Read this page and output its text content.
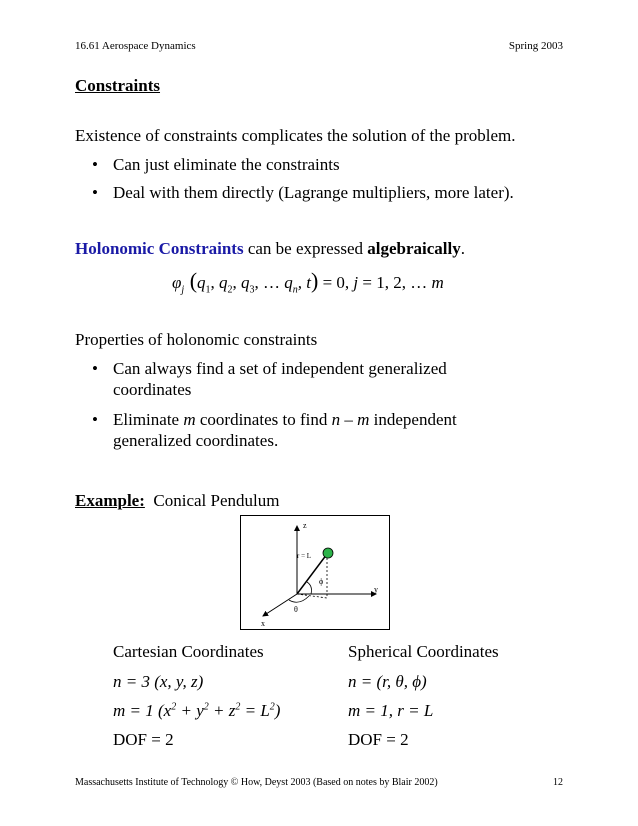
16.61 Aerospace Dynamics	Spring 2003
Constraints
Existence of constraints complicates the solution of the problem.
• Can just eliminate the constraints
• Deal with them directly (Lagrange multipliers, more later).
Holonomic Constraints can be expressed algebraically.
$\varphi_j$ ($q_1$, $q_2$, $q_3$, … $q_n$, t) = 0, j = 1, 2, … m
Properties of holonomic constraints
• Can always find a set of independent generalized
coordinates
• Eliminate m coordinates to find n – m independent
generalized coordinates.
Example:  Conical Pendulum
z
y
x
r = L
ϕ
θ
Cartesian Coordinates
n = 3 (x, y, z)
m = 1 $(x^2 + y^2 + z^2 = L^2)$
DOF = 2
Spherical Coordinates
n = (r, θ, ϕ)
m = 1, r = L
DOF = 2
Massachusetts Institute of Technology © How, Deyst 2003 (Based on notes by Blair 2002)	12
